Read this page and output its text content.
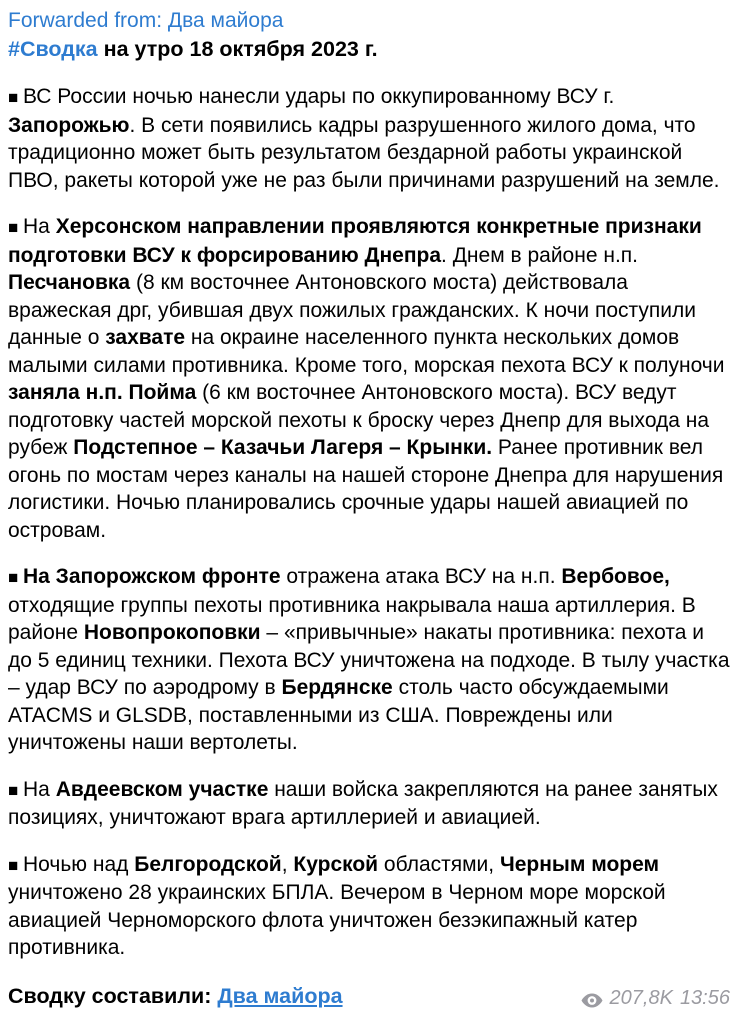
Forwarded from: Два майора
#Сводка на утро 18 октября 2023 г.

■ ВС России ночью нанесли удары по оккупированному ВСУ г. Запорожью. В сети появились кадры разрушенного жилого дома, что традиционно может быть результатом бездарной работы украинской ПВО, ракеты которой уже не раз были причинами разрушений на земле.

■ На Херсонском направлении проявляются конкретные признаки подготовки ВСУ к форсированию Днепра. Днем в районе н.п. Песчановка (8 км восточнее Антоновского моста) действовала вражеская дрг, убившая двух пожилых гражданских. К ночи поступили данные о захвате на окраине населенного пункта нескольких домов малыми силами противника. Кроме того, морская пехота ВСУ к полуночи заняла н.п. Пойма (6 км восточнее Антоновского моста). ВСУ ведут подготовку частей морской пехоты к броску через Днепр для выхода на рубеж Подстепное – Казачьи Лагеря – Крынки. Ранее противник вел огонь по мостам через каналы на нашей стороне Днепра для нарушения логистики. Ночью планировались срочные удары нашей авиацией по островам.

■ На Запорожском фронте отражена атака ВСУ на н.п. Вербовое, отходящие группы пехоты противника накрывала наша артиллерия. В районе Новопрокоповки – «привычные» накаты противника: пехота и до 5 единиц техники. Пехота ВСУ уничтожена на подходе. В тылу участка – удар ВСУ по аэродрому в Бердянске столь часто обсуждаемыми ATACMS и GLSDB, поставленными из США. Повреждены или уничтожены наши вертолеты.

■ На Авдеевском участке наши войска закрепляются на ранее занятых позициях, уничтожают врага артиллерией и авиацией.

■ Ночью над Белгородской, Курской областями, Черным морем уничтожено 28 украинских БПЛА. Вечером в Черном море морской авиацией Черноморского флота уничтожен безэкипажный катер противника.

Сводку составили: Два майора	207,8K 13:56
